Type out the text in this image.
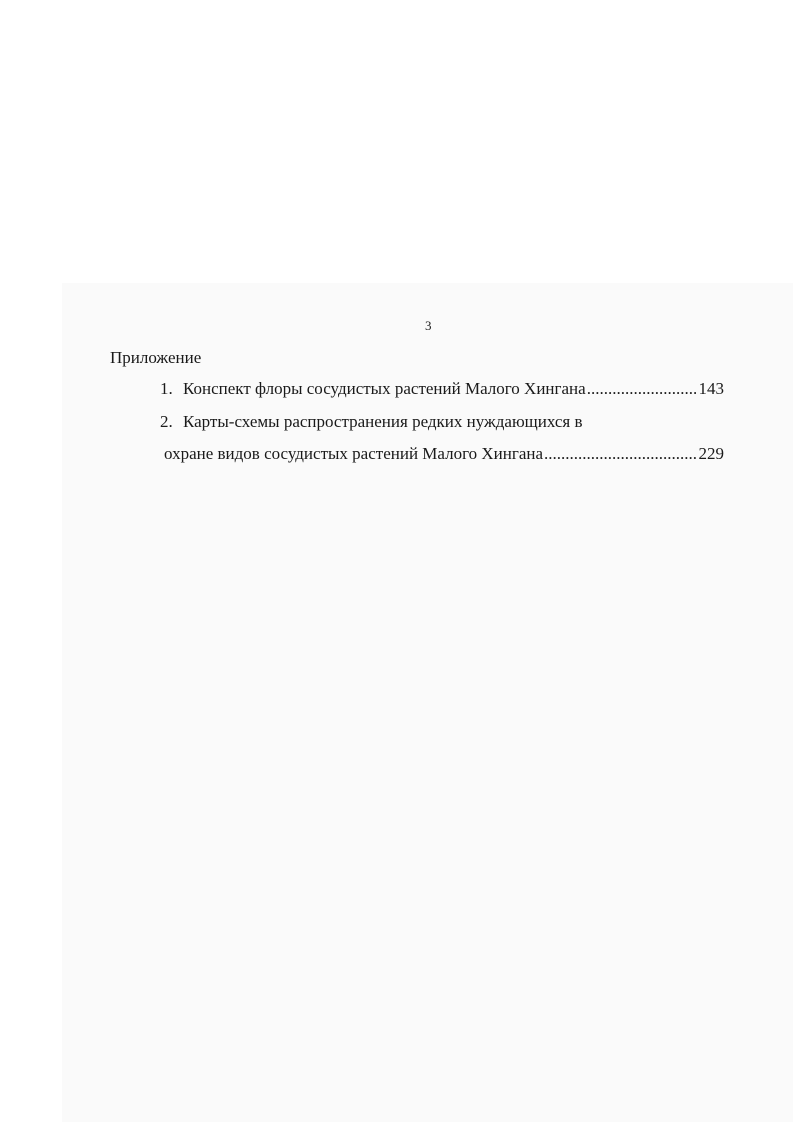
3
Приложение
1. Конспект флоры сосудистых растений Малого Хингана .....	143
2. Карты-схемы распространения редких нуждающихся в
охране видов сосудистых растений Малого Хингана .....	229
